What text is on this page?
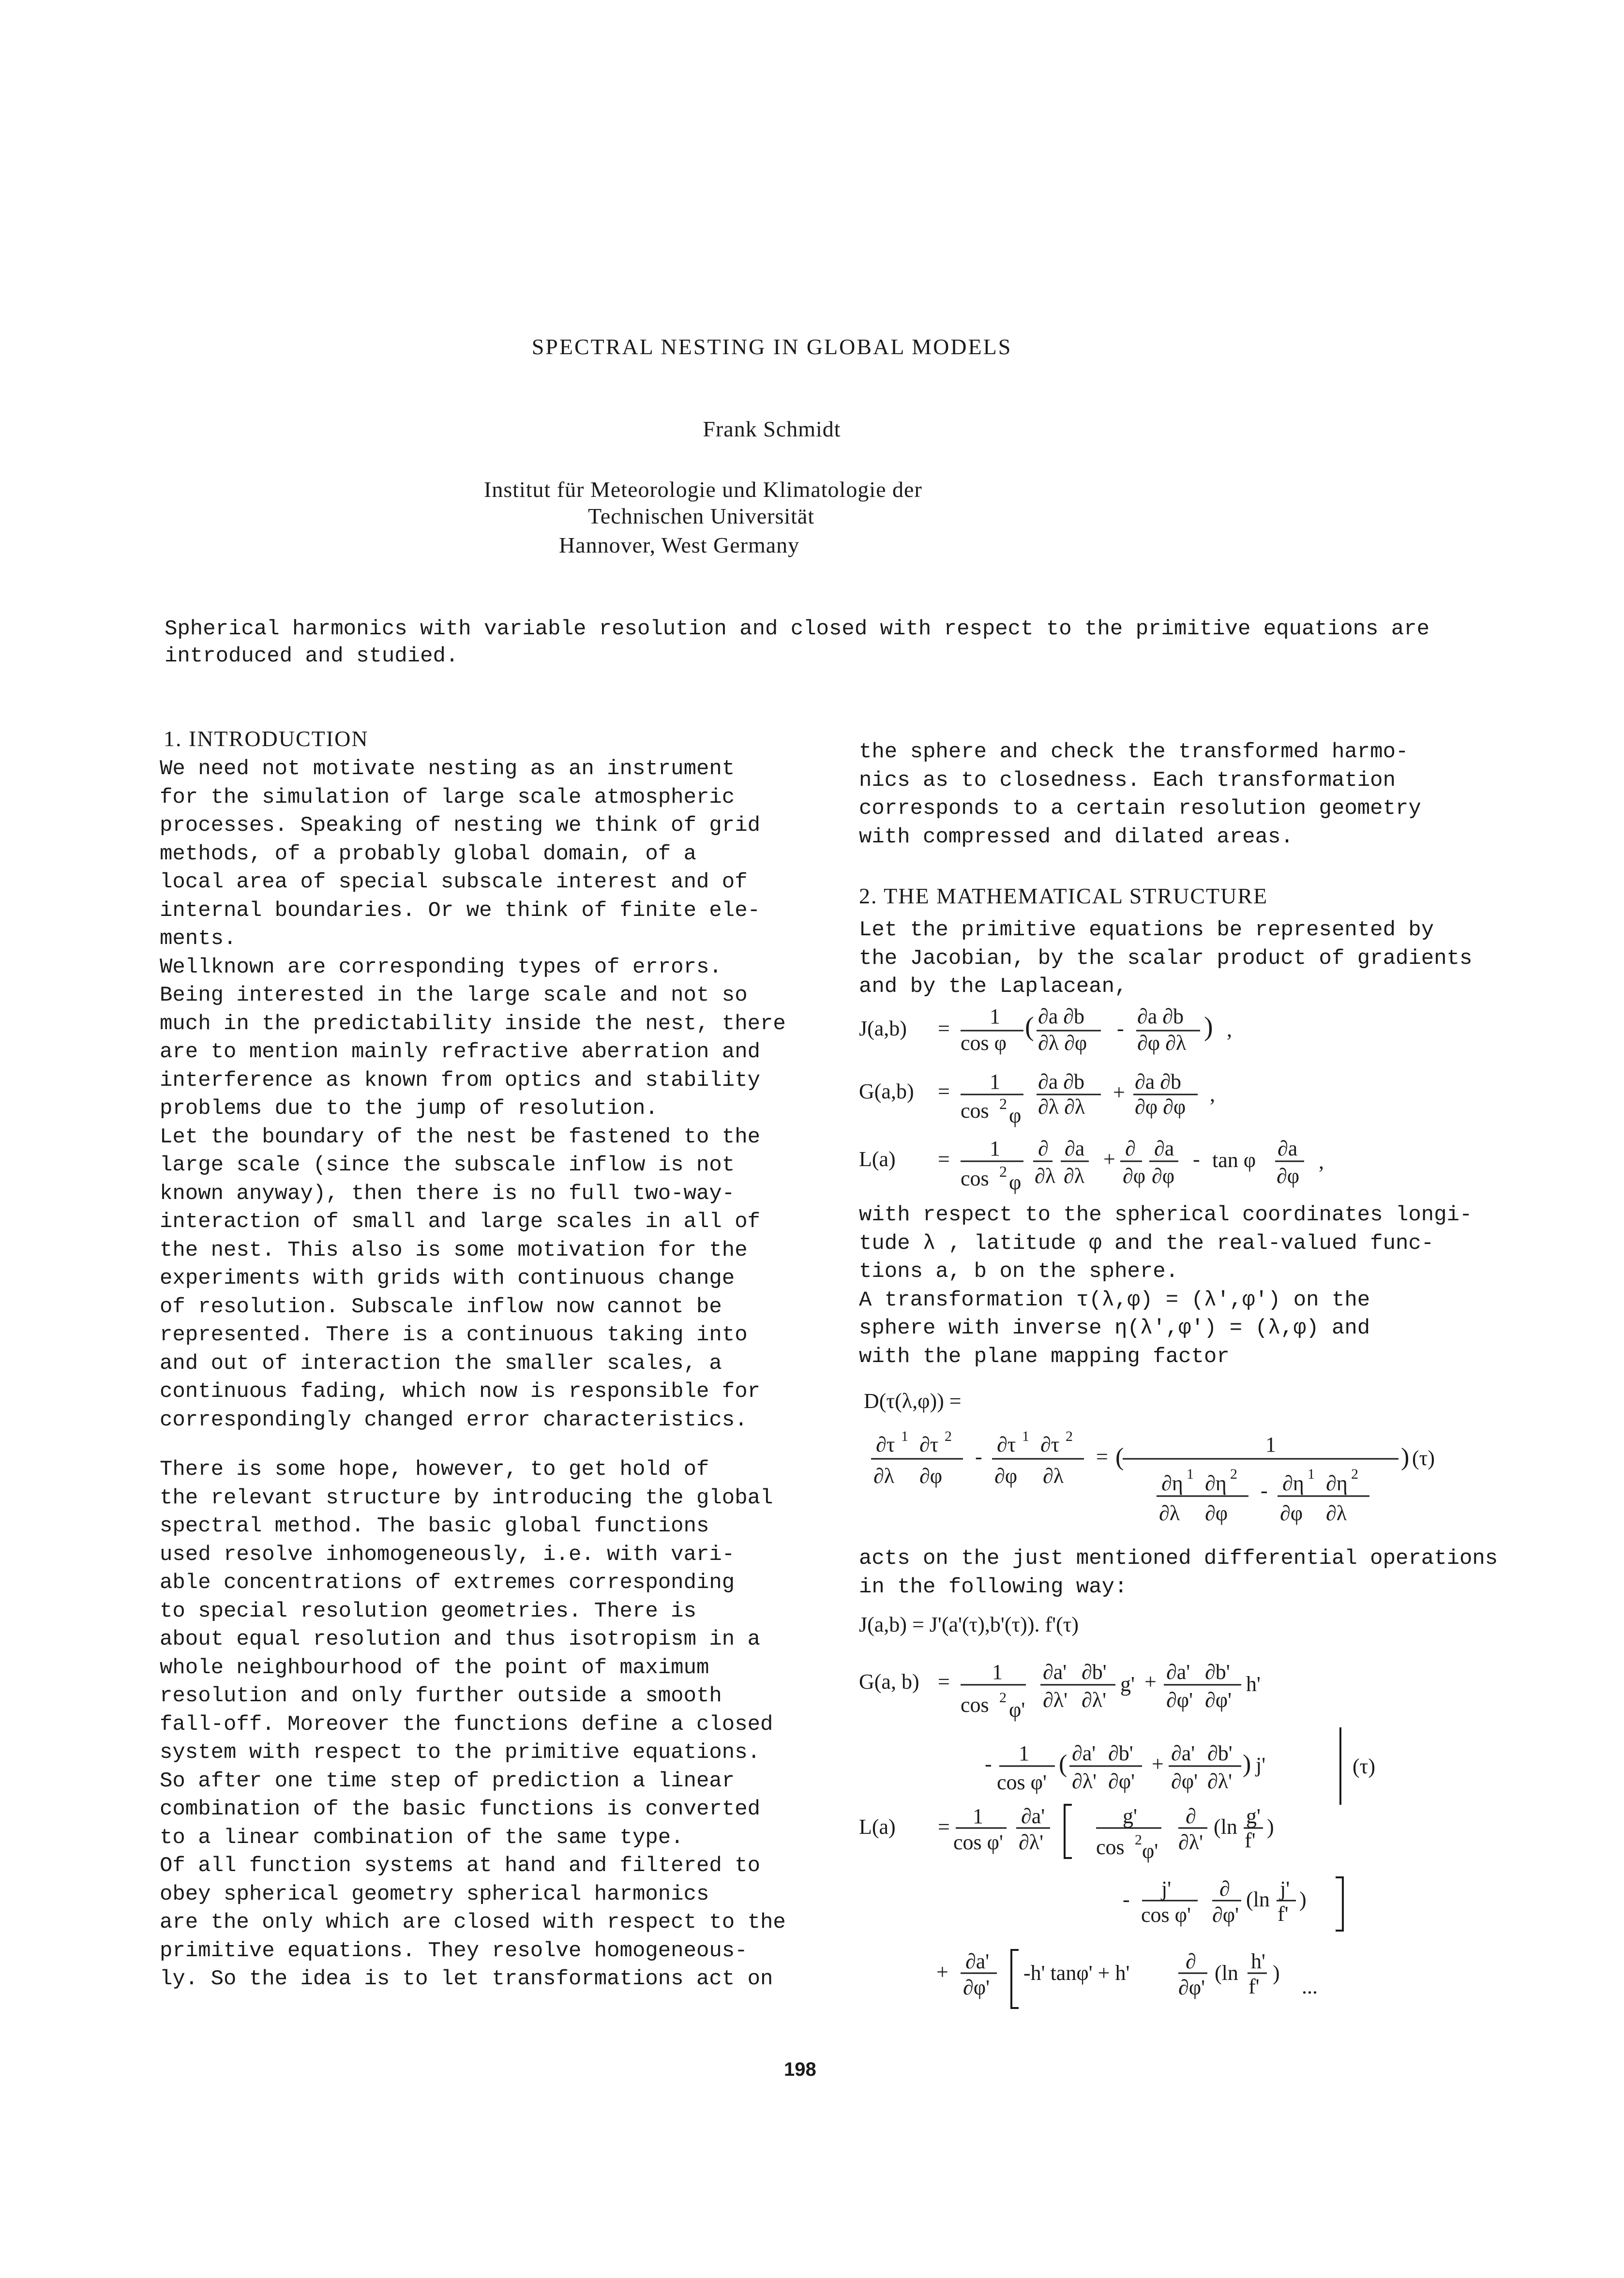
SPECTRAL NESTING IN GLOBAL MODELS
Frank Schmidt
Institut für Meteorologie und Klimatologie der
Technischen Universität
Hannover, West Germany
Spherical harmonics with variable resolution and closed with respect to the primitive equations are
introduced and studied.
1. INTRODUCTION
We need not motivate nesting as an instrument
for the simulation of large scale atmospheric
processes. Speaking of nesting we think of grid
methods, of a probably global domain, of a
local area of special subscale interest and of
internal boundaries. Or we think of finite ele-
ments.
Wellknown are corresponding types of errors.
Being interested in the large scale and not so
much in the predictability inside the nest, there
are to mention mainly refractive aberration and
interference as known from optics and stability
problems due to the jump of resolution.
Let the boundary of the nest be fastened to the
large scale (since the subscale inflow is not
known anyway), then there is no full two-way-
interaction of small and large scales in all of
the nest. This also is some motivation for the
experiments with grids with continuous change
of resolution. Subscale inflow now cannot be
represented. There is a continuous taking into
and out of interaction the smaller scales, a
continuous fading, which now is responsible for
correspondingly changed error characteristics.
There is some hope, however, to get hold of
the relevant structure by introducing the global
spectral method. The basic global functions
used resolve inhomogeneously, i.e. with vari-
able concentrations of extremes corresponding
to special resolution geometries. There is
about equal resolution and thus isotropism in a
whole neighbourhood of the point of maximum
resolution and only further outside a smooth
fall-off. Moreover the functions define a closed
system with respect to the primitive equations.
So after one time step of prediction a linear
combination of the basic functions is converted
to a linear combination of the same type.
Of all function systems at hand and filtered to
obey spherical geometry spherical harmonics
are the only which are closed with respect to the
primitive equations. They resolve homogeneous-
ly. So the idea is to let transformations act on
the sphere and check the transformed harmo-
nics as to closedness. Each transformation
corresponds to a certain resolution geometry
with compressed and dilated areas.
2. THE MATHEMATICAL STRUCTURE
Let the primitive equations be represented by
the Jacobian, by the scalar product of gradients
and by the Laplacean,
J(a,b) =
1
cos φ
( ∂a ∂b
∂λ ∂φ
-
∂a ∂b
∂φ ∂λ
) ,
G(a,b) = 1
cos 2 φ
∂a ∂b
∂λ ∂λ
+ ∂a ∂b
∂φ ∂φ
,
L(a) = 1
cos 2 φ
∂
∂λ
∂a
∂λ
+ ∂
∂φ
∂a
∂φ
- tan φ ∂a
∂φ
,
with respect to the spherical coordinates longi-
tude λ , latitude φ and the real-valued func-
tions a, b on the sphere.
A transformation τ(λ,φ) = (λ',φ') on the
sphere with inverse η(λ',φ') = (λ,φ) and
with the plane mapping factor
D(τ(λ,φ)) =
∂τ 1 ∂τ 2
∂λ ∂φ
-
∂τ 1 ∂τ 2
∂φ ∂λ
= (	1
∂η 1 ∂η 2
∂λ ∂φ
- ∂η 1 ∂η 2
∂φ ∂λ
) (τ)
acts on the just mentioned differential operations
in the following way:
J(a,b) = J'(a'(τ),b'(τ)). f'(τ)
G(a, b) = 1
cos 2
φ'
∂a' ∂b'
∂λ' ∂λ'
g' + ∂a' ∂b'
∂φ' ∂φ'
h'
- 1
cos φ'
( ∂a' ∂b'
∂λ' ∂φ'
+ ∂a' ∂b'
∂φ' ∂λ'
) j'	(τ)
L(a) = 1
cos φ'
∂a'
∂λ'
g'
cos 2 φ'
∂
∂λ'
(ln g'
f'
)
- j'
cos φ'
∂
∂φ'
(ln j'
f'
)
+ ∂a'
∂φ'
-h' tanφ' + h'	∂
∂φ'
(ln h'
f'
)
...
198
